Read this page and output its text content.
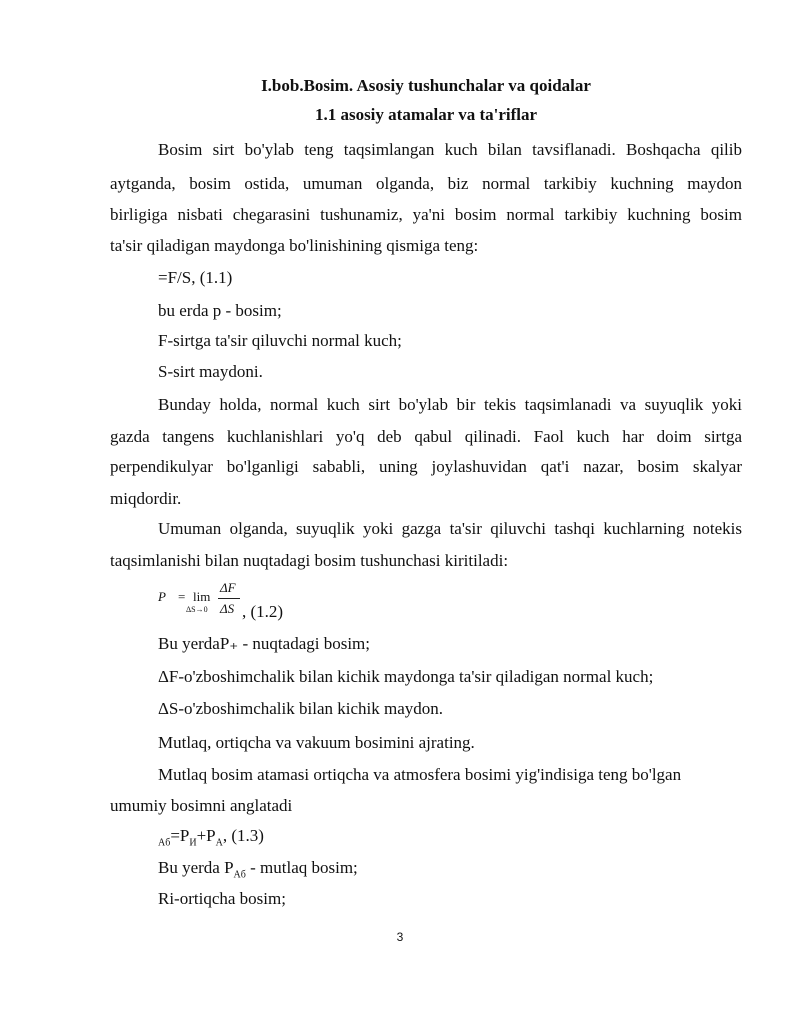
I.bob.Bosim. Asosiy tushunchalar va qoidalar
1.1 asosiy atamalar va ta'riflar
Bosim sirt bo'ylab teng taqsimlangan kuch bilan tavsiflanadi. Boshqacha qilib
aytganda, bosim ostida, umuman olganda, biz normal tarkibiy kuchning maydon
birligiga nisbati chegarasini tushunamiz, ya'ni bosim normal tarkibiy kuchning bosim
ta'sir qiladigan maydonga bo'linishining qismiga teng:
=F/S, (1.1)
bu erda p - bosim;
F-sirtga ta'sir qiluvchi normal kuch;
S-sirt maydoni.
Bunday holda, normal kuch sirt bo'ylab bir tekis taqsimlanadi va suyuqlik yoki
gazda tangens kuchlanishlari yo'q deb qabul qilinadi. Faol kuch har doim sirtga
perpendikulyar bo'lganligi sababli, uning joylashuvidan qat'i nazar, bosim skalyar
miqdordir.
Umuman olganda, suyuqlik yoki gazga ta'sir qiluvchi tashqi kuchlarning notekis
taqsimlanishi bilan nuqtadagi bosim tushunchasi kiritiladi:
P = lim
ΔS→0
ΔF
ΔS , (1.2)
Bu yerdaP₊ - nuqtadagi bosim;
ΔF-o'zboshimchalik bilan kichik maydonga ta'sir qiladigan normal kuch;
ΔS-o'zboshimchalik bilan kichik maydon.
Mutlaq, ortiqcha va vakuum bosimini ajrating.
Mutlaq bosim atamasi ortiqcha va atmosfera bosimi yig'indisiga teng bo'lgan
umumiy bosimni anglatadi
$_{Aб}=P_И+P_A$, (1.3)
Bu yerda $P_{Aб}$ - mutlaq bosim;
Ri-ortiqcha bosim;
3
